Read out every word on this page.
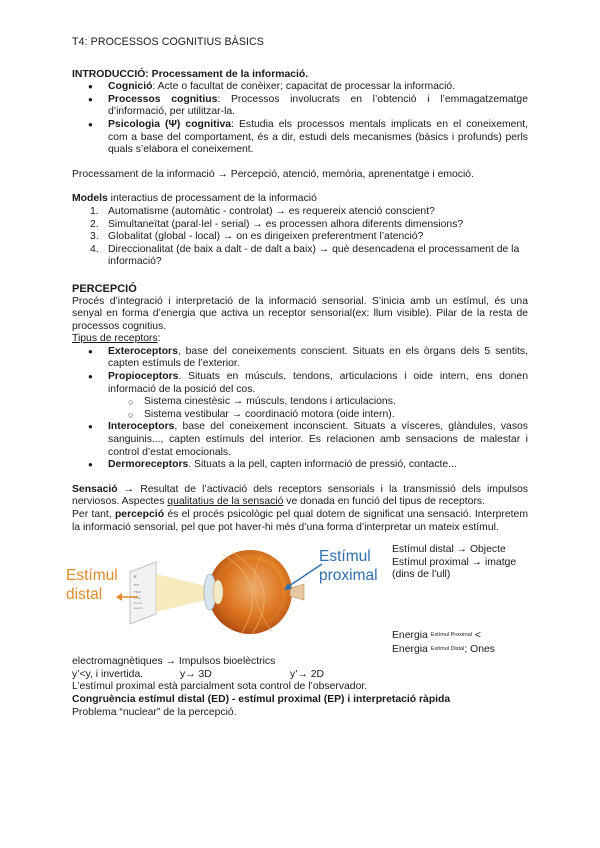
T4: PROCESSOS COGNITIUS BÀSICS
INTRODUCCIÓ: Processament de la informació.
● Cognició: Acte o facultat de conèixer; capacitat de processar la informació.
● Processos cognitius: Processos involucrats en l’obtenció i l’emmagatzematge d’informació, per utilitzar-la.
● Psicologia (Ψ) cognitiva: Estudia els processos mentals implicats en el coneixement, com a base del comportament, és a dir, estudi dels mecanismes (bàsics i profunds) perls quals s’elabora el coneixement.

Processament de la informació → Percepció, atenció, memòria, aprenentatge i emoció.

Models interactius de processament de la informació

1. Automatisme (automàtic - controlat) → es requereix atenció conscient?
2. Simultaneïtat (paral·lel - serial) → es processen alhora diferents dimensions?
3. Globalitat (global - local) → on es dirigeixen preferentment l’atenció?
4. Direccionalitat (de baix a dalt - de dalt a baix) → què desencadena el processament de la informació?
PERCEPCIÓ

Procés d’integració i interpretació de la informació sensorial. S’inicia amb un estímul, és una senyal en forma d’energia que activa un receptor sensorial(ex: llum visible). Pilar de la resta de processos cognitius.

Tipus de receptors:

● Exteroceptors, base del coneixements conscient. Situats en els òrgans dels 5 sentits, capten estímuls de l’exterior.
● Propioceptors. Situats en músculs, tendons, articulacions i oide intern, ens donen informació de la posició del cos.
○ Sistema cinestèsic → músculs, tendons i articulacions.
○ Sistema vestibular → coordinació motora (oide intern).
● Interoceptors, base del coneixement inconscient. Situats a vísceres, glàndules, vasos sanguinis..., capten estímuls del interior. Es relacionen amb sensacions de malestar i control d’estat emocionals.
● Dermoreceptors. Situats a la pell, capten informació de pressió, contacte...

Sensació → Resultat de l’activació dels receptors sensorials i la transmissió dels impulsos nerviosos. Aspectes qualitatius de la sensació ve donada en funció del tipus de receptors.

Per tant, percepció és el procés psicològic pel qual dotem de significat una sensació. Interpretem la informació sensorial, pel que pot haver-hi més d’una forma d’interpretar un mateix estímul.

E
F P
T O Z
L P E D
P E C F D
E D F C Z P
Estímul distal
Estímul
proximal
Estímul distal → Objecte
Estímul proximal → imatge (dins de l’ull)
Energia Estímul Proximal <
Energia Estímul Distal; Ones

electromagnètiques → Impulsos bioelèctrics

y’<y, i invertida.	y→ 3D	y’→ 2D

L’estímul proximal està parcialment sota control de l’observador.

Congruència estímul distal (ED) - estímul proximal (EP) i interpretació ràpida

Problema “nuclear” de la percepció.
